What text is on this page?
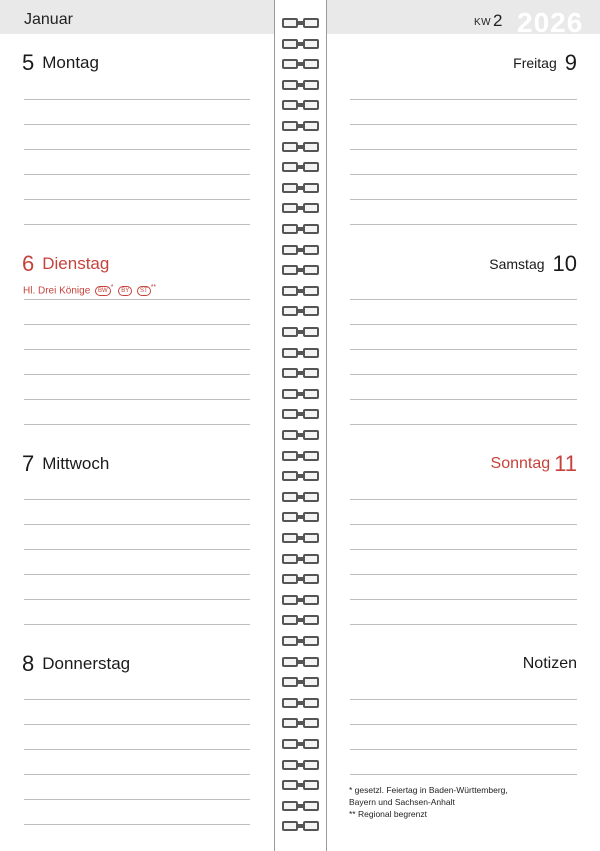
Januar
5 Montag
6 Dienstag
Hl. Drei Könige BW * BY ST **
7 Mittwoch
8 Donnerstag
KW 2 2026
Freitag 9
Samstag 10
Sonntag 11
Notizen
* gesetzl. Feiertag in Baden-Württemberg,
Bayern und Sachsen-Anhalt
** Regional begrenzt
